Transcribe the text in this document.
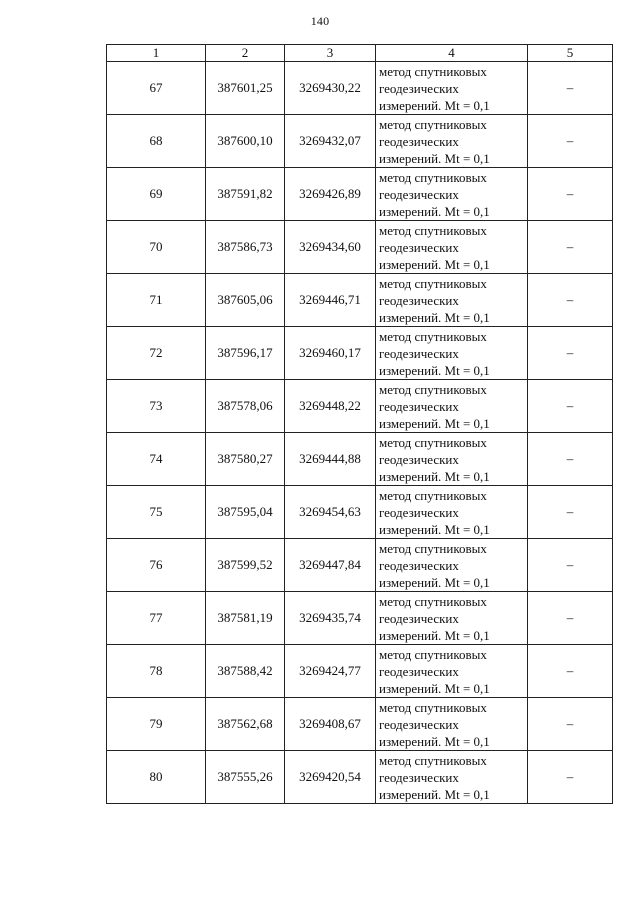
140
1	2	3	4	5
67	387601,25	3269430,22	метод спутниковых
геодезических
измерений. Mt = 0,1	–
68	387600,10	3269432,07	метод спутниковых
геодезических
измерений. Mt = 0,1	–
69	387591,82	3269426,89	метод спутниковых
геодезических
измерений. Mt = 0,1	–
70	387586,73	3269434,60	метод спутниковых
геодезических
измерений. Mt = 0,1	–
71	387605,06	3269446,71	метод спутниковых
геодезических
измерений. Mt = 0,1	–
72	387596,17	3269460,17	метод спутниковых
геодезических
измерений. Mt = 0,1	–
73	387578,06	3269448,22	метод спутниковых
геодезических
измерений. Mt = 0,1	–
74	387580,27	3269444,88	метод спутниковых
геодезических
измерений. Mt = 0,1	–
75	387595,04	3269454,63	метод спутниковых
геодезических
измерений. Mt = 0,1	–
76	387599,52	3269447,84	метод спутниковых
геодезических
измерений. Mt = 0,1	–
77	387581,19	3269435,74	метод спутниковых
геодезических
измерений. Mt = 0,1	–
78	387588,42	3269424,77	метод спутниковых
геодезических
измерений. Mt = 0,1	–
79	387562,68	3269408,67	метод спутниковых
геодезических
измерений. Mt = 0,1	–
80	387555,26	3269420,54	метод спутниковых
геодезических
измерений. Mt = 0,1	–
